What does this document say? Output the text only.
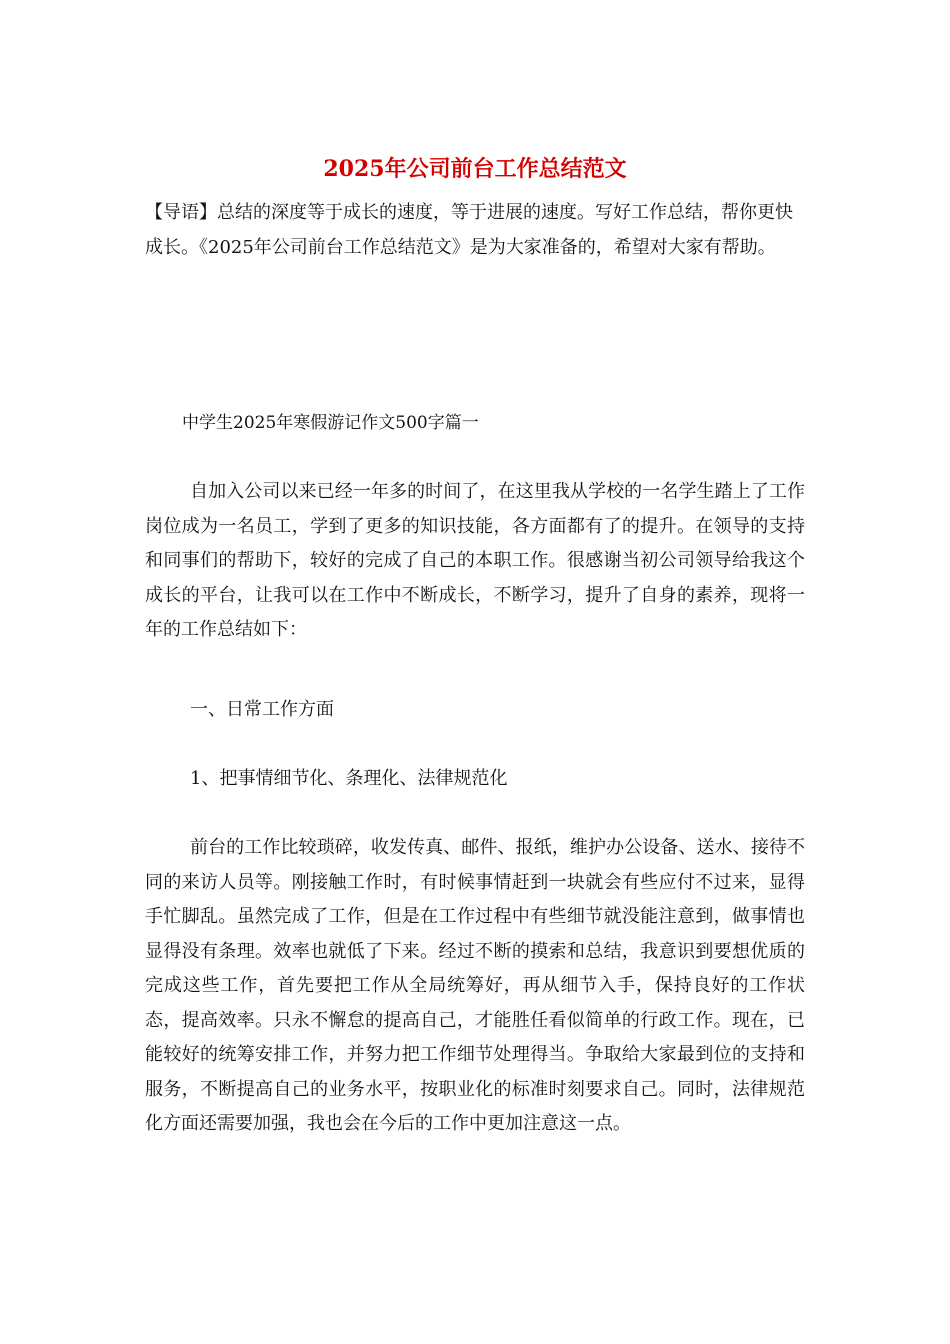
2025年公司前台工作总结范文
【导语】总结的深度等于成长的速度，等于进展的速度。写好工作总结，帮你更快成长。《2025年公司前台工作总结范文》是为大家准备的，希望对大家有帮助。
中学生2025年寒假游记作文500字篇一
自加入公司以来已经一年多的时间了，在这里我从学校的一名学生踏上了工作岗位成为一名员工，学到了更多的知识技能，各方面都有了的提升。在领导的支持和同事们的帮助下，较好的完成了自己的本职工作。很感谢当初公司领导给我这个成长的平台，让我可以在工作中不断成长，不断学习，提升了自身的素养，现将一年的工作总结如下：
一、日常工作方面
1、把事情细节化、条理化、法律规范化
前台的工作比较琐碎，收发传真、邮件、报纸，维护办公设备、送水、接待不同的来访人员等。刚接触工作时，有时候事情赶到一块就会有些应付不过来，显得手忙脚乱。虽然完成了工作，但是在工作过程中有些细节就没能注意到，做事情也显得没有条理。效率也就低了下来。经过不断的摸索和总结，我意识到要想优质的完成这些工作，首先要把工作从全局统筹好，再从细节入手，保持良好的工作状态，提高效率。只永不懈怠的提高自己，才能胜任看似简单的行政工作。现在，已能较好的统筹安排工作，并努力把工作细节处理得当。争取给大家最到位的支持和服务，不断提高自己的业务水平，按职业化的标准时刻要求自己。同时，法律规范化方面还需要加强，我也会在今后的工作中更加注意这一点。
